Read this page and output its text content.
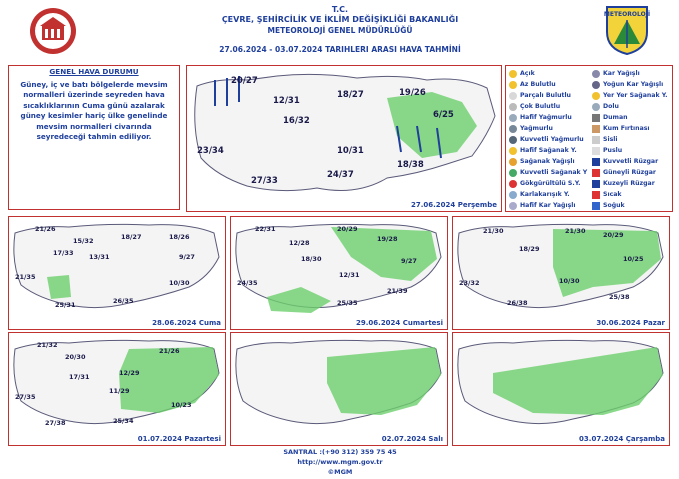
T.C.
ÇEVRE, ŞEHİRCİLİK VE İKLİM DEĞİŞİKLİĞİ BAKANLIĞI
METEOROLOJİ GENEL MÜDÜRLÜĞÜ
27.06.2024 - 03.07.2024 TARIHLERI ARASI HAVA TAHMİNİ
METEOROLOJİ
GENEL HAVA DURUMU
Güney, iç ve batı bölgelerde mevsim normalleri üzerinde seyreden hava sıcaklıklarının Cuma günü azalarak güney kesimler hariç ülke genelinde mevsim normalleri civarında seyredeceği tahmin ediliyor.
20/27
12/31
18/27	19/26
16/32
6/25
23/34	10/31
18/38
24/37
27/33
27.06.2024 Perşembe
Açık
Az Bulutlu
Parçalı Bulutlu
Çok Bulutlu
Hafif Yağmurlu
Yağmurlu
Kuvvetli Yağmurlu
Hafif Sağanak Y.
Sağanak Yağışlı
Kuvvetli Sağanak Y
Gökgürültülü S.Y.
Karlakarışık Y.
Hafif Kar Yağışlı
Kar Yağışlı
Yoğun Kar Yağışlı
Yer Yer Sağanak Y.
Dolu
Duman
Kum Fırtınası
Sisli
Puslu
Kuvvetli Rüzgar
Güneyli Rüzgar
Kuzeyli Rüzgar
Sıcak
Soğuk
21/26
15/32	18/27	18/26
17/33 13/31	9/27
21/35
10/30
25/31	26/35
28.06.2024 Cuma
22/31	20/29
19/28
12/28
18/30	9/27
24/35
12/31
21/39
25/35
29.06.2024 Cumartesi
21/30	21/30	20/29
18/29
10/25
23/32	10/30
26/38
25/38
30.06.2024 Pazar
21/32
20/30
21/26
17/31	12/29
27/35
11/29
10/23
27/38	25/34
01.07.2024 Pazartesi	02.07.2024 Salı	03.07.2024 Çarşamba
SANTRAL :(+90 312) 359 75 45
http://www.mgm.gov.tr
©MGM
